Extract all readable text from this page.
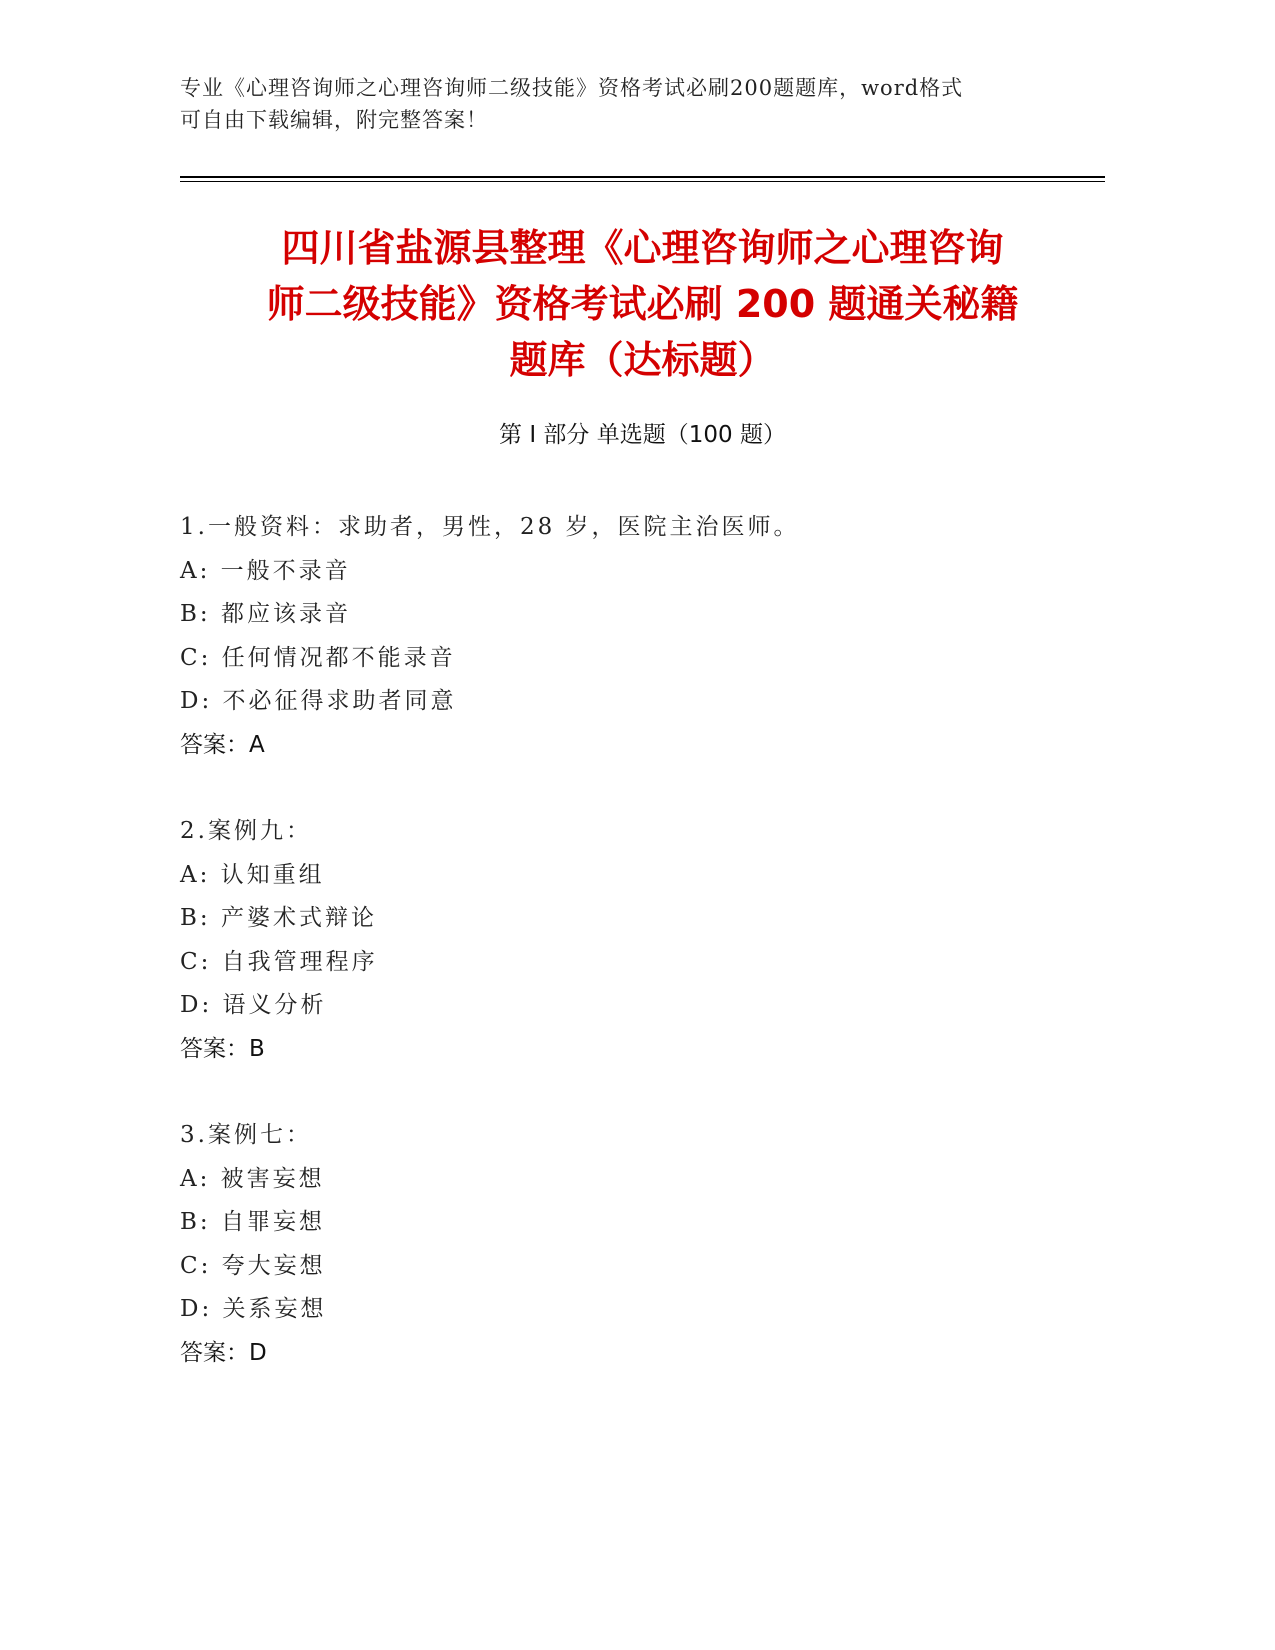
专业《心理咨询师之心理咨询师二级技能》资格考试必刷200题题库，word格式
可自由下载编辑，附完整答案！
四川省盐源县整理《心理咨询师之心理咨询
师二级技能》资格考试必刷 200 题通关秘籍
题库（达标题）
第 I 部分 单选题（100 题）
1.一般资料：求助者，男性，28 岁，医院主治医师。
A: 一般不录音
B: 都应该录音
C: 任何情况都不能录音
D: 不必征得求助者同意
答案：A
2.案例九：
A: 认知重组
B: 产婆术式辩论
C: 自我管理程序
D: 语义分析
答案：B
3.案例七：
A: 被害妄想
B: 自罪妄想
C: 夸大妄想
D: 关系妄想
答案：D
